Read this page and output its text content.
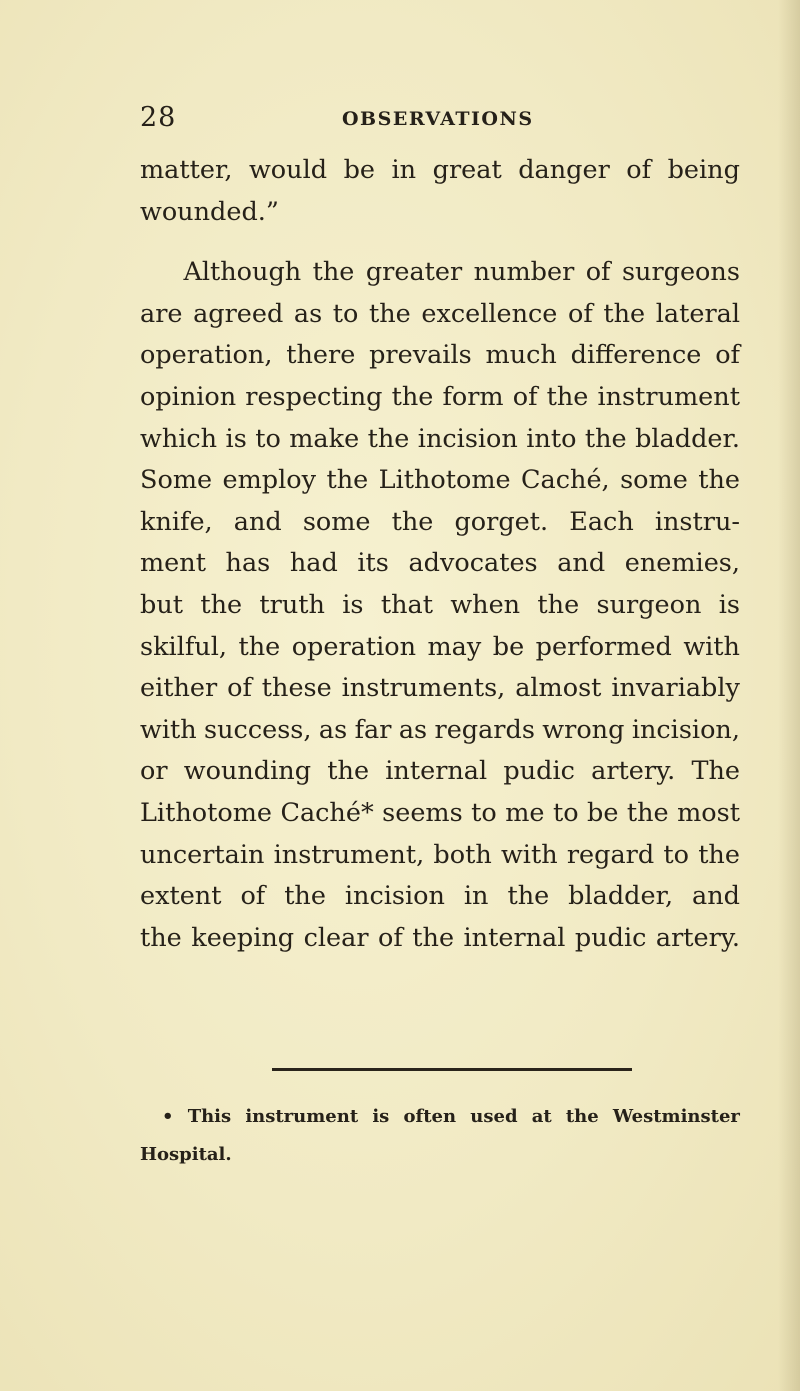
28	OBSERVATIONS
matter, would be in great danger of being
wounded.”
Although the greater number of surgeons
are agreed as to the excellence of the lateral
operation, there prevails much difference of
opinion respecting the form of the instrument
which is to make the incision into the bladder.
Some employ the Lithotome Caché, some the
knife, and some the gorget. Each instru-
ment has had its advocates and enemies,
but the truth is that when the surgeon is
skilful, the operation may be performed with
either of these instruments, almost invariably
with success, as far as regards wrong incision,
or wounding the internal pudic artery. The
Lithotome Caché* seems to me to be the most
uncertain instrument, both with regard to the
extent of the incision in the bladder, and
the keeping clear of the internal pudic artery.
• This instrument is often used at the Westminster
Hospital.
